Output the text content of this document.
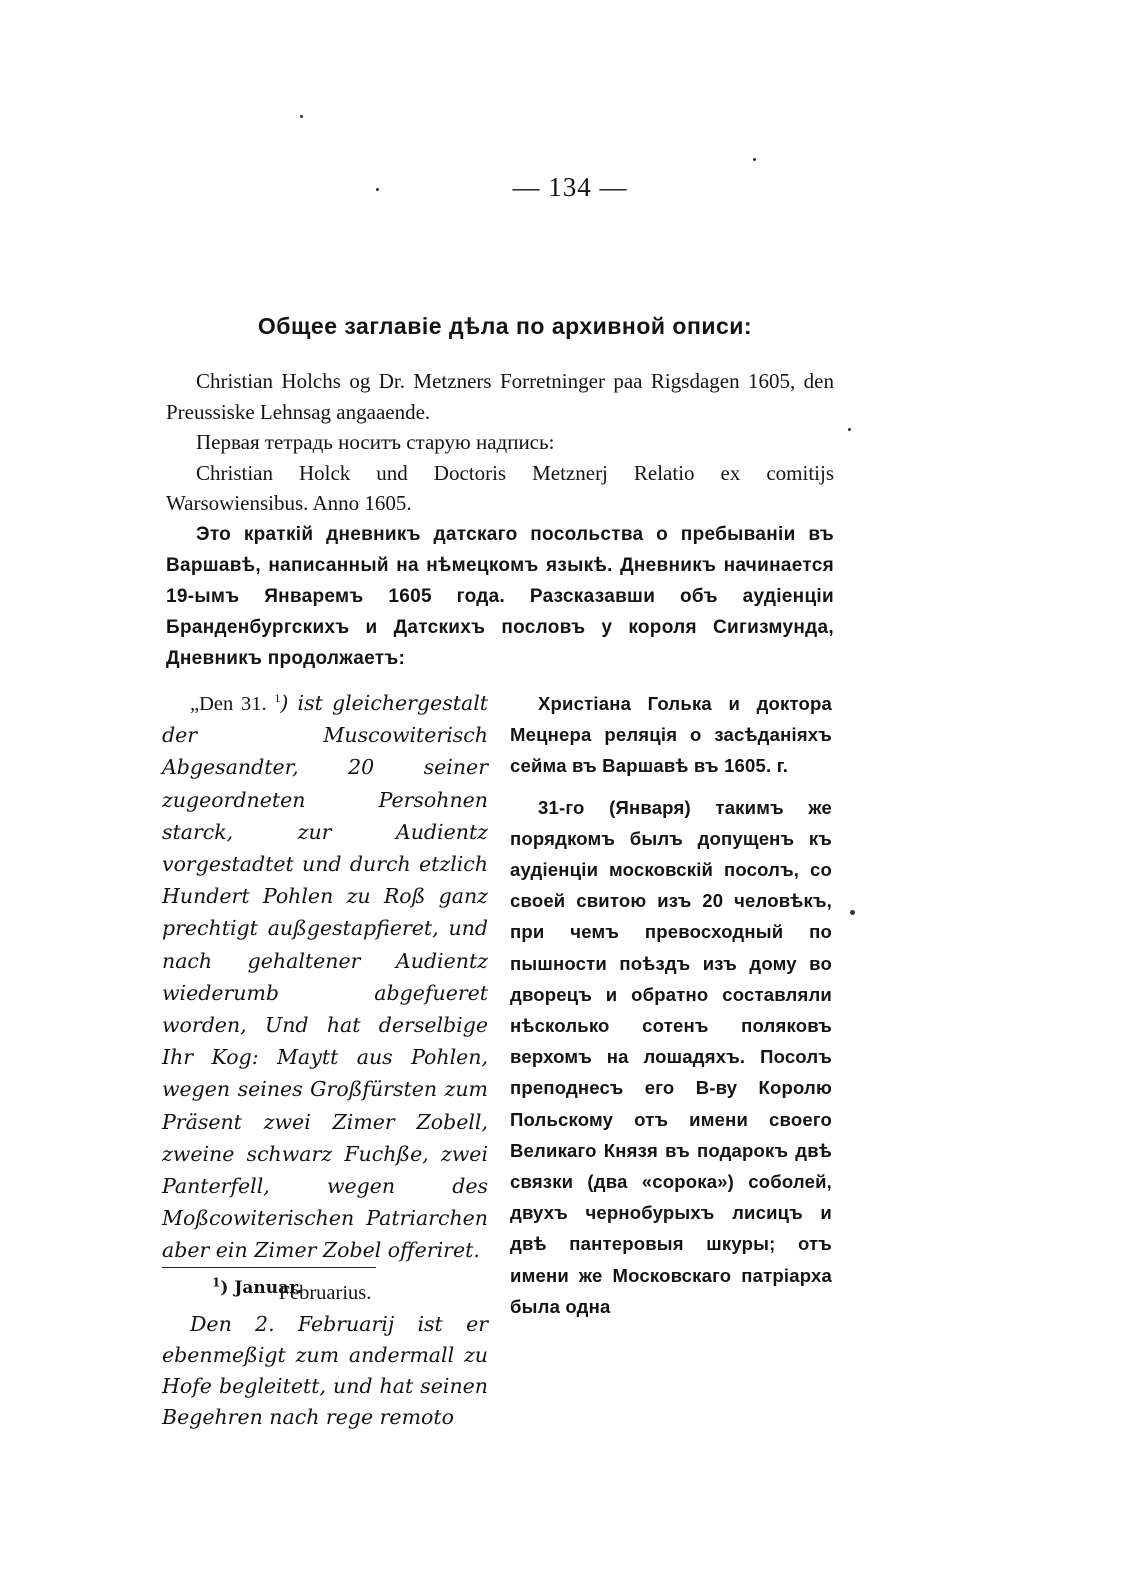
— 134 —
Общее заглавіе дѣла по архивной описи:

Christian Holchs og Dr. Metzners Forretninger paa Rigsdagen 1605, den Preussiske Lehnsag angaaende.

Первая тетрадь носитъ старую надпись:

Christian Holck und Doctoris Metznerj Relatio ex comitijs Warsowiensibus. Anno 1605.

Это краткій дневникъ датскаго посольства о пребываніи въ Варшавѣ, написанный на нѣмецкомъ языкѣ. Дневникъ начинается 19-ымъ Январемъ 1605 года. Разсказавши объ аудіенціи Бранденбургскихъ и Датскихъ пословъ у короля Сигизмунда, Дневникъ продолжаетъ:

„Den 31. $^1$) ist gleichergestalt der Muscowiterisch Abgesandter, 20 seiner zugeordneten Persohnen starck, zur Audientz vorgestadtet und durch etzlich Hundert Pohlen zu Roß ganz prechtigt außgestapfieret, und nach gehaltener Audientz wiederumb abgefueret worden, Und hat derselbige Ihr Kog: Maytt aus Pohlen, wegen seines Großfürsten zum Präsent zwei Zimer Zobell, zweine schwarz Fuchße, zwei Panterfell, wegen des Moßcowiterischen Patriarchen aber ein Zimer Zobel offeriret.

Februarius.

Den 2. Februarij ist er ebenmeßigt zum andermall zu Hofe begleitett, und hat seinen Begehren nach rege remoto

Христіана Голька и доктора Мецнера реляція о засѣданіяхъ сейма въ Варшавѣ въ 1605. г.

31-го (Января) такимъ же порядкомъ былъ допущенъ къ аудіенціи московскій посолъ, со своей свитою изъ 20 человѣкъ, при чемъ превосходный по пышности поѣздъ изъ дому во дворецъ и обратно составляли нѣсколько сотенъ поляковъ верхомъ на лошадяхъ. Посолъ преподнесъ его В-ву Королю Польскому отъ имени своего Великаго Князя въ подарокъ двѣ связки (два «сорока») соболей, двухъ чернобурыхъ лисицъ и двѣ пантеровыя шкуры; отъ имени же Московскаго патріарха была одна

$^1$) Januar.
